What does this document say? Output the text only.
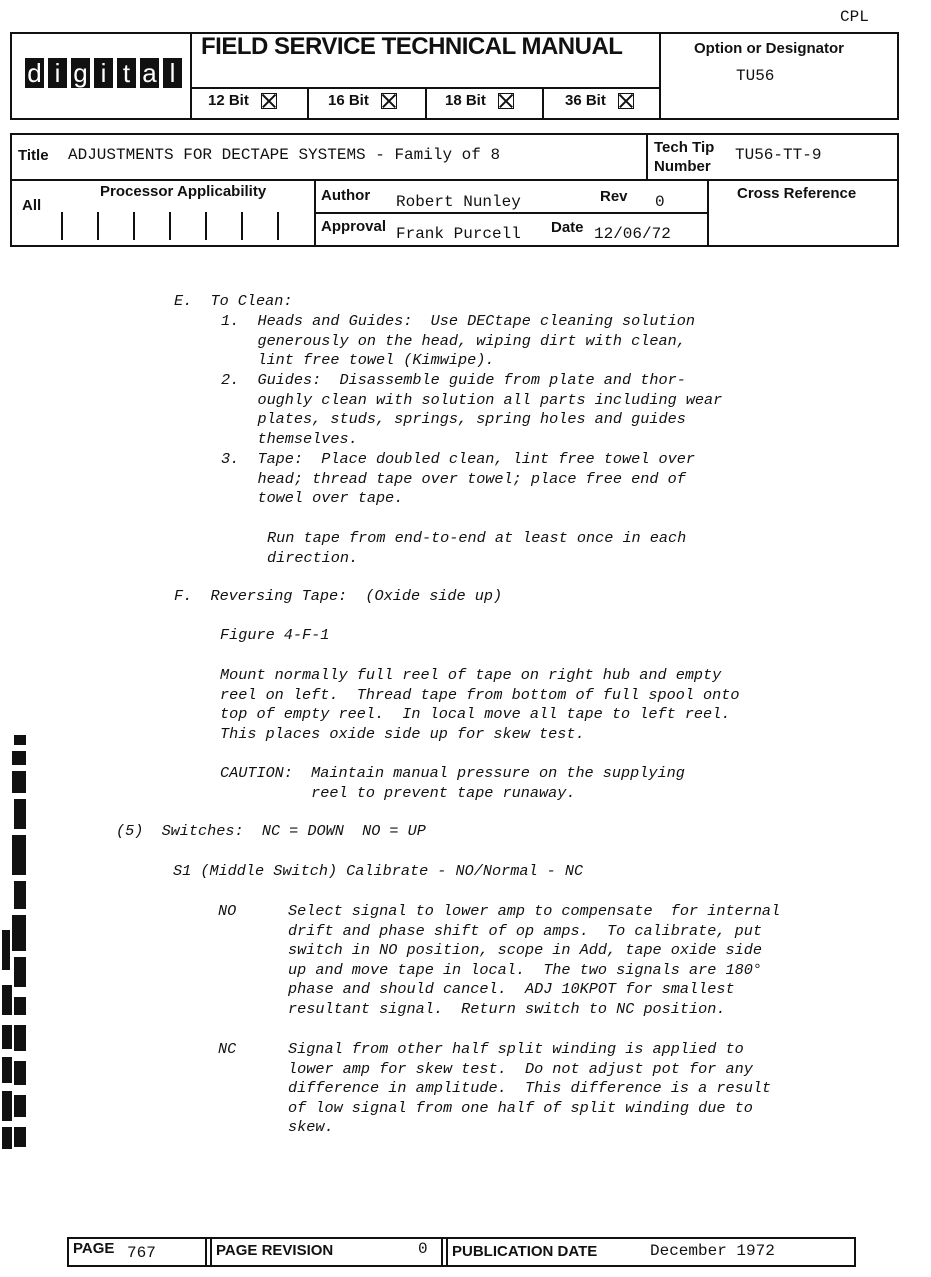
CPL
d i g i t a l
FIELD SERVICE TECHNICAL MANUAL
12 Bit	16 Bit	18 Bit	36 Bit
Option or Designator
TU56
Title ADJUSTMENTS FOR DECTAPE SYSTEMS - Family of 8	Tech Tip
Number
TU56-TT-9
All
Processor Applicability	Author Robert Nunley	Rev 0	Cross Reference
Approval Frank Purcell Date 12/06/72
E.  To Clean:
1.  Heads and Guides:  Use DECtape cleaning solution
generously on the head, wiping dirt with clean,
lint free towel (Kimwipe).
2.  Guides:  Disassemble guide from plate and thor-
oughly clean with solution all parts including wear
plates, studs, springs, spring holes and guides
themselves.
3.  Tape:  Place doubled clean, lint free towel over
head; thread tape over towel; place free end of
towel over tape.
Run tape from end-to-end at least once in each
direction.
F.  Reversing Tape:  (Oxide side up)
Figure 4-F-1
Mount normally full reel of tape on right hub and empty
reel on left.  Thread tape from bottom of full spool onto
top of empty reel.  In local move all tape to left reel.
This places oxide side up for skew test.
CAUTION:  Maintain manual pressure on the supplying
reel to prevent tape runaway.
(5)  Switches:  NC = DOWN  NO = UP
S1 (Middle Switch) Calibrate - NO/Normal - NC
NO	Select signal to lower amp to compensate  for internal
drift and phase shift of op amps.  To calibrate, put
switch in NO position, scope in Add, tape oxide side
up and move tape in local.  The two signals are 180°
phase and should cancel.  ADJ 10KPOT for smallest
resultant signal.  Return switch to NC position.
NC	Signal from other half split winding is applied to
lower amp for skew test.  Do not adjust pot for any
difference in amplitude.  This difference is a result
of low signal from one half of split winding due to
skew.
PAGE 767	PAGE REVISION	0 PUBLICATION DATE	December 1972
